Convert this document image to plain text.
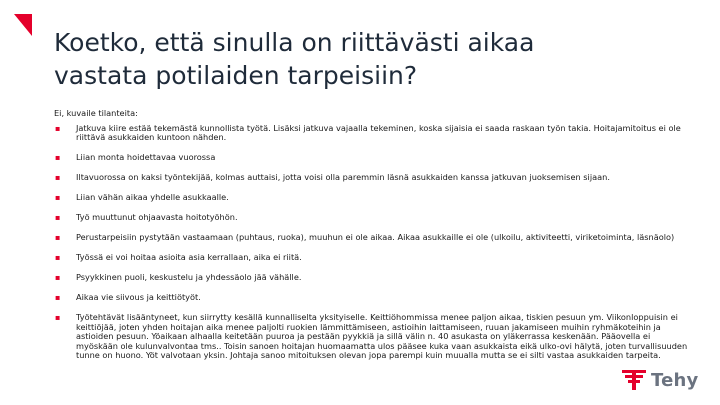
Koetko, että sinulla on riittävästi aikaa vastata potilaiden tarpeisiin?
Ei, kuvaile tilanteita:
▪ Jatkuva kiire estää tekemästä kunnollista työtä. Lisäksi jatkuva vajaalla tekeminen, koska sijaisia ei saada raskaan työn takia. Hoitajamitoitus ei ole riittävä asukkaiden kuntoon nähden.
▪ Liian monta hoidettavaa vuorossa
▪ Iltavuorossa on kaksi työntekijää, kolmas auttaisi, jotta voisi olla paremmin läsnä asukkaiden kanssa jatkuvan juoksemisen sijaan.
▪ Liian vähän aikaa yhdelle asukkaalle.
▪ Työ muuttunut ohjaavasta hoitotyöhön.
▪ Perustarpeisiin pystytään vastaamaan (puhtaus, ruoka), muuhun ei ole aikaa. Aikaa asukkaille ei ole (ulkoilu, aktiviteetti, viriketoiminta, läsnäolo)
▪ Työssä ei voi hoitaa asioita asia kerrallaan, aika ei riitä.
▪ Psyykkinen puoli, keskustelu ja yhdessäolo jää vähälle.
▪ Aikaa vie siivous ja keittiötyöt.
▪ Työtehtävät lisääntyneet, kun siirrytty kesällä kunnalliselta yksityiselle. Keittiöhommissa menee paljon aikaa, tiskien pesuun ym. Viikonloppuisin ei keittiöjää, joten yhden hoitajan aika menee paljolti ruokien lämmittämiseen, astioihin laittamiseen, ruuan jakamiseen muihin ryhmäkoteihin ja astioiden pesuun. Yöaikaan alhaalla keitetään puuroa ja pestään pyykkiä ja sillä välin n. 40 asukasta on yläkerrassa keskenään. Pääovella ei myöskään ole kulunvalvontaa tms.. Toisin sanoen hoitajan huomaamatta ulos pääsee kuka vaan asukkaista eikä ulko-ovi hälytä, joten turvallisuuden tunne on huono. Yöt valvotaan yksin. Johtaja sanoo mitoituksen olevan jopa parempi kuin muualla mutta se ei silti vastaa asukkaiden tarpeita.
Tehy
